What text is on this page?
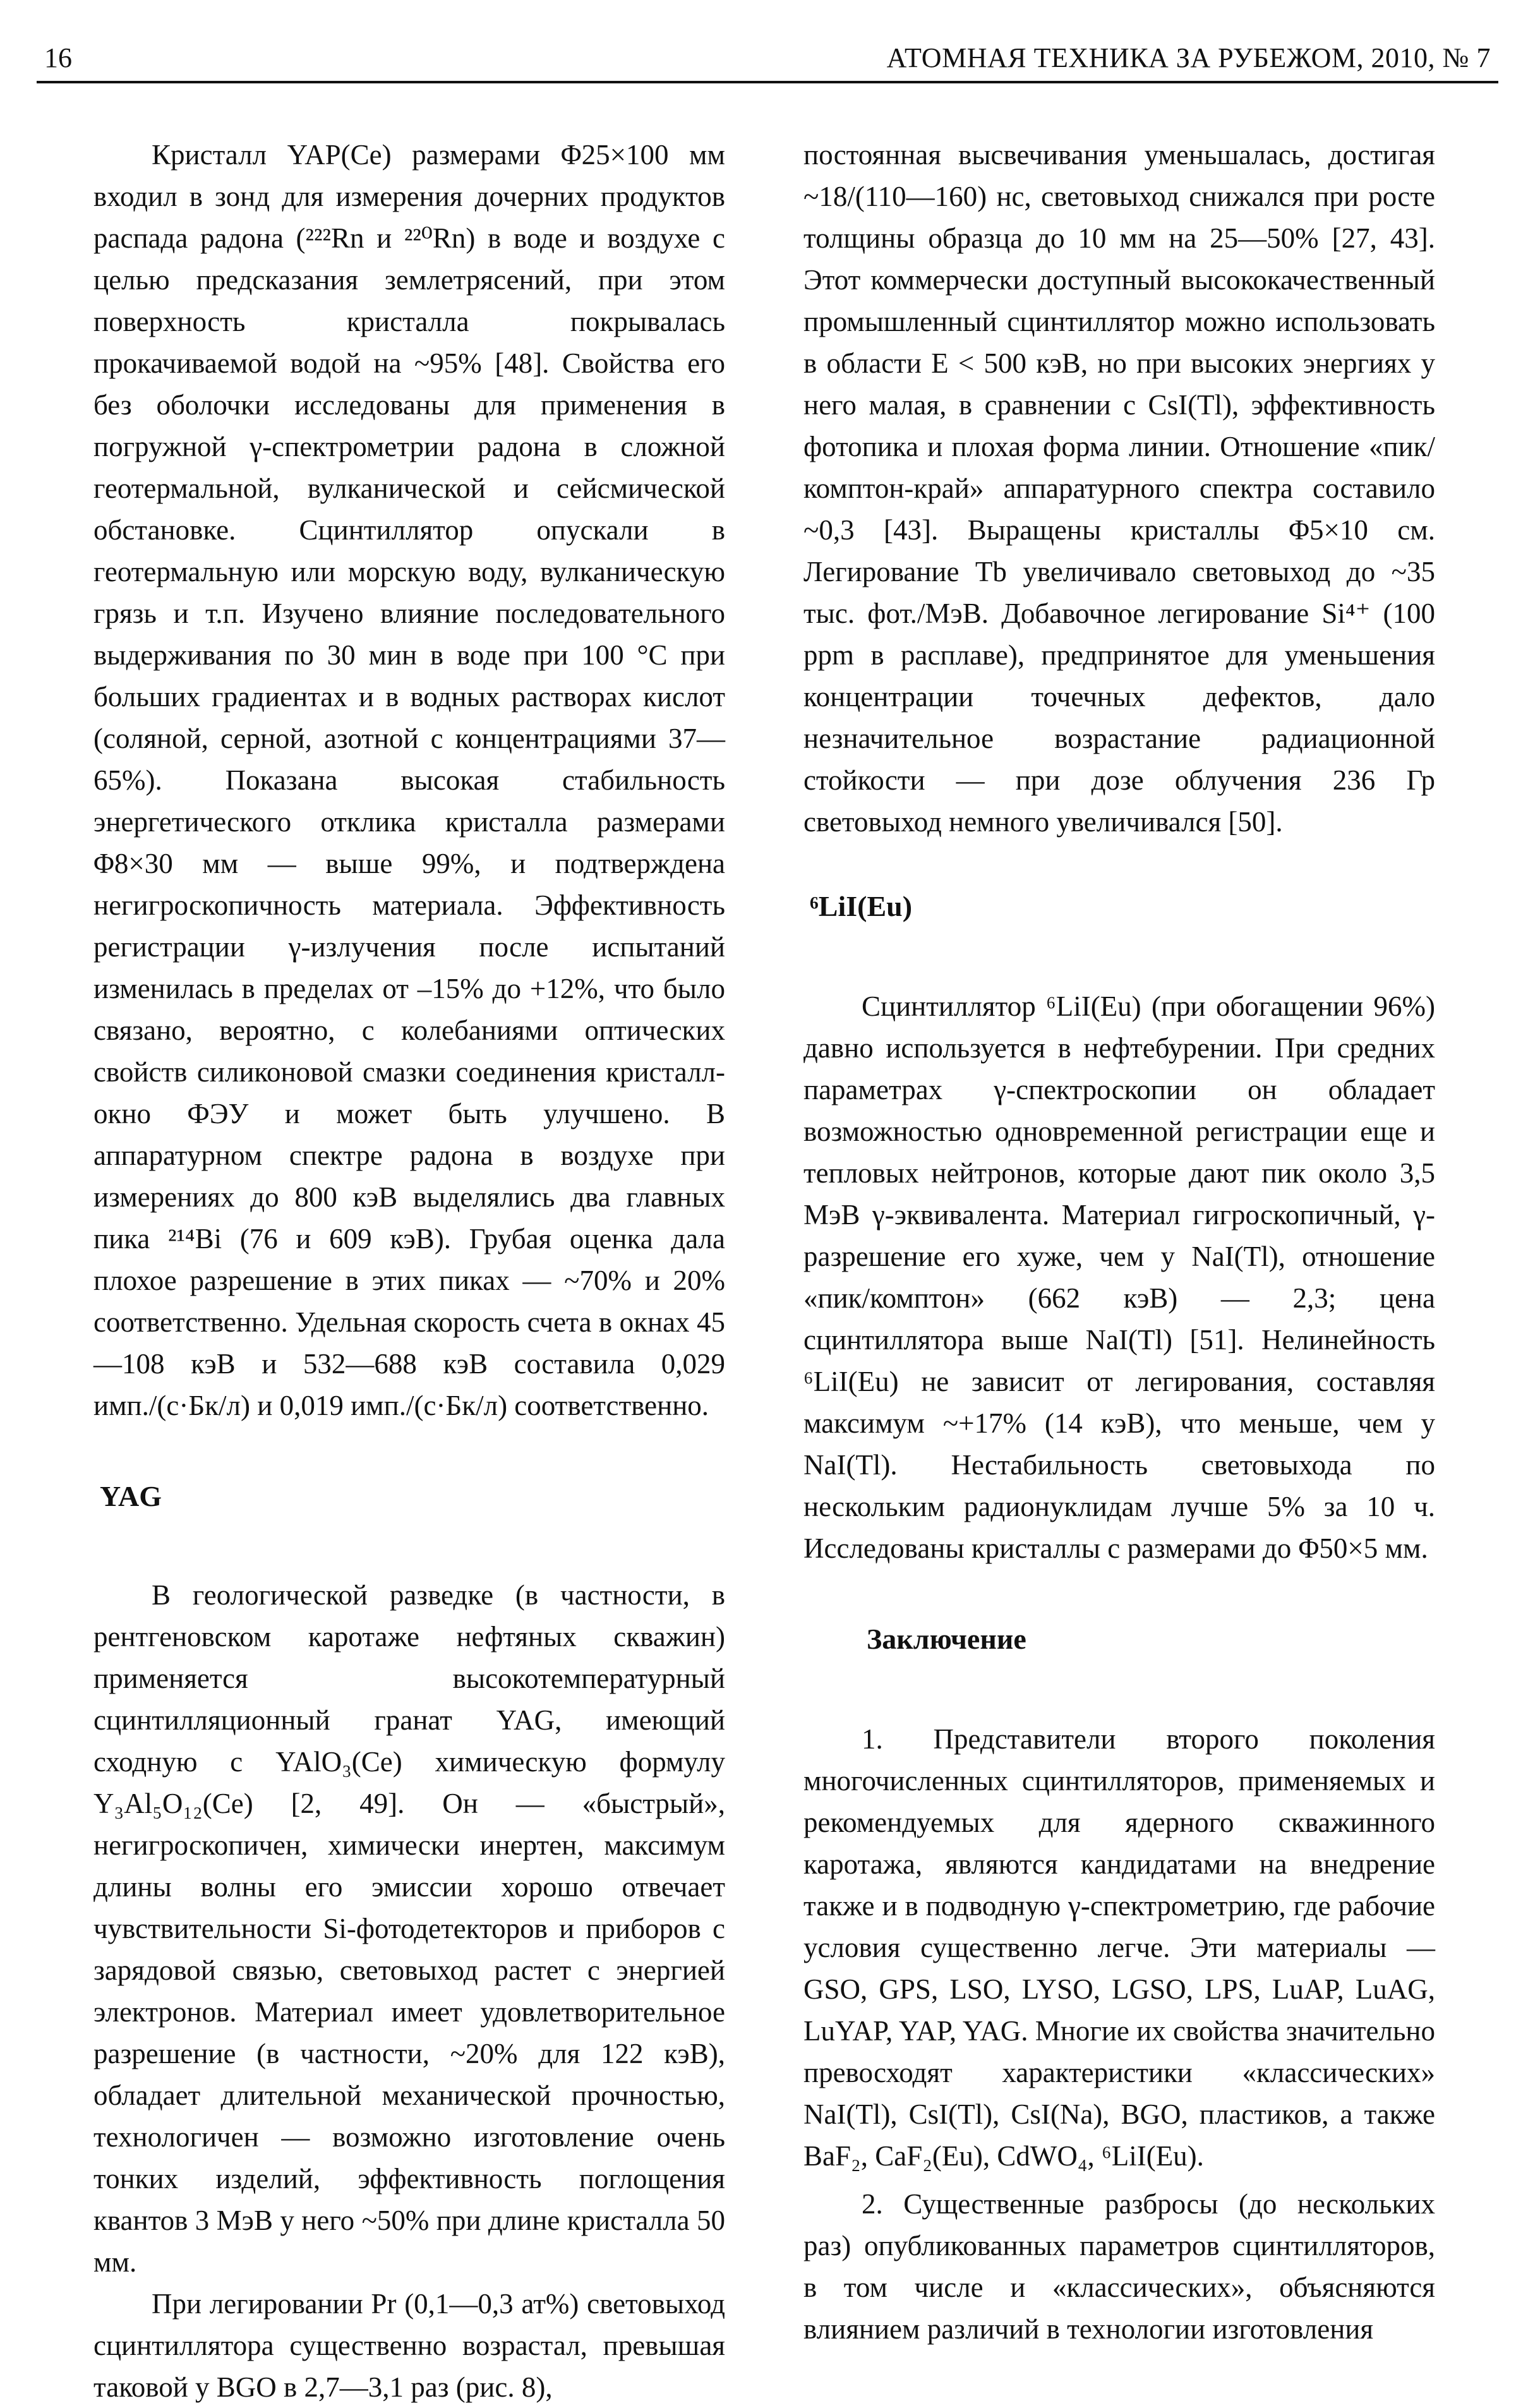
16	АТОМНАЯ ТЕХНИКА ЗА РУБЕЖОМ, 2010, № 7

Кристалл YAP(Ce) размерами Φ25×100 мм входил в зонд для измерения дочерних продуктов распада радона (²²²Rn и ²²⁰Rn) в воде и воздухе с целью предсказания землетрясений, при этом поверхность кристалла покрывалась прокачиваемой водой на ~95% [48]. Свойства его без оболочки исследованы для применения в погружной γ-спектрометрии радона в сложной геотермальной, вулканической и сейсмической обстановке. Сцинтиллятор опускали в геотермальную или морскую воду, вулканическую грязь и т.п. Изучено влияние последовательного выдерживания по 30 мин в воде при 100 °C при больших градиентах и в водных растворах кислот (соляной, серной, азотной с концентрациями 37—65%). Показана высокая стабильность энергетического отклика кристалла размерами Φ8×30 мм — выше 99%, и подтверждена негигроскопичность материала. Эффективность регистрации γ-излучения после испытаний изменилась в пределах от –15% до +12%, что было связано, вероятно, с колебаниями оптических свойств силиконовой смазки соединения кристалл-окно ФЭУ и может быть улучшено. В аппаратурном спектре радона в воздухе при измерениях до 800 кэВ выделялись два главных пика ²¹⁴Bi (76 и 609 кэВ). Грубая оценка дала плохое разрешение в этих пиках — ~70% и 20% соответственно. Удельная скорость счета в окнах 45—108 кэВ и 532—688 кэВ составила 0,029 имп./(с·Бк/л) и 0,019 имп./(с·Бк/л) соответственно.

YAG

В геологической разведке (в частности, в рентгеновском каротаже нефтяных скважин) применяется высокотемпературный сцинтилляционный гранат YAG, имеющий сходную с YAlO₃(Ce) химическую формулу Y₃Al₅O₁₂(Ce) [2, 49]. Он — «быстрый», негигроскопичен, химически инертен, максимум длины волны его эмиссии хорошо отвечает чувствительности Si-фотодетекторов и приборов с зарядовой связью, световыход растет с энергией электронов. Материал имеет удовлетворительное разрешение (в частности, ~20% для 122 кэВ), обладает длительной механической прочностью, технологичен — возможно изготовление очень тонких изделий, эффективность поглощения квантов 3 МэВ у него ~50% при длине кристалла 50 мм.

При легировании Pr (0,1—0,3 ат%) световыход сцинтиллятора существенно возрастал, превышая таковой у BGO в 2,7—3,1 раз (рис. 8),

постоянная высвечивания уменьшалась, достигая ~18/(110—160) нс, световыход снижался при росте толщины образца до 10 мм на 25—50% [27, 43]. Этот коммерчески доступный высококачественный промышленный сцинтиллятор можно использовать в области E < 500 кэВ, но при высоких энергиях у него малая, в сравнении с CsI(Tl), эффективность фотопика и плохая форма линии. Отношение «пик/комптон-край» аппаратурного спектра составило ~0,3 [43]. Выращены кристаллы Φ5×10 см. Легирование Tb увеличивало световыход до ~35 тыс. фот./МэВ. Добавочное легирование Si⁴⁺ (100 ppm в расплаве), предпринятое для уменьшения концентрации точечных дефектов, дало незначительное возрастание радиационной стойкости — при дозе облучения 236 Гр световыход немного увеличивался [50].

⁶LiI(Eu)

Сцинтиллятор ⁶LiI(Eu) (при обогащении 96%) давно используется в нефтебурении. При средних параметрах γ-спектроскопии он обладает возможностью одновременной регистрации еще и тепловых нейтронов, которые дают пик около 3,5 МэВ γ-эквивалента. Материал гигроскопичный, γ-разрешение его хуже, чем у NaI(Tl), отношение «пик/комптон» (662 кэВ) — 2,3; цена сцинтиллятора выше NaI(Tl) [51]. Нелинейность ⁶LiI(Eu) не зависит от легирования, составляя максимум ~+17% (14 кэВ), что меньше, чем у NaI(Tl). Нестабильность световыхода по нескольким радионуклидам лучше 5% за 10 ч. Исследованы кристаллы с размерами до Φ50×5 мм.

Заключение

1. Представители второго поколения многочисленных сцинтилляторов, применяемых и рекомендуемых для ядерного скважинного каротажа, являются кандидатами на внедрение также и в подводную γ-спектрометрию, где рабочие условия существенно легче. Эти материалы — GSO, GPS, LSO, LYSO, LGSO, LPS, LuAP, LuAG, LuYAP, YAP, YAG. Многие их свойства значительно превосходят характеристики «классических» NaI(Tl), CsI(Tl), CsI(Na), BGO, пластиков, а также BaF₂, CaF₂(Eu), CdWO₄, ⁶LiI(Eu).

2. Существенные разбросы (до нескольких раз) опубликованных параметров сцинтилляторов, в том числе и «классических», объясняются влиянием различий в технологии изготовления
